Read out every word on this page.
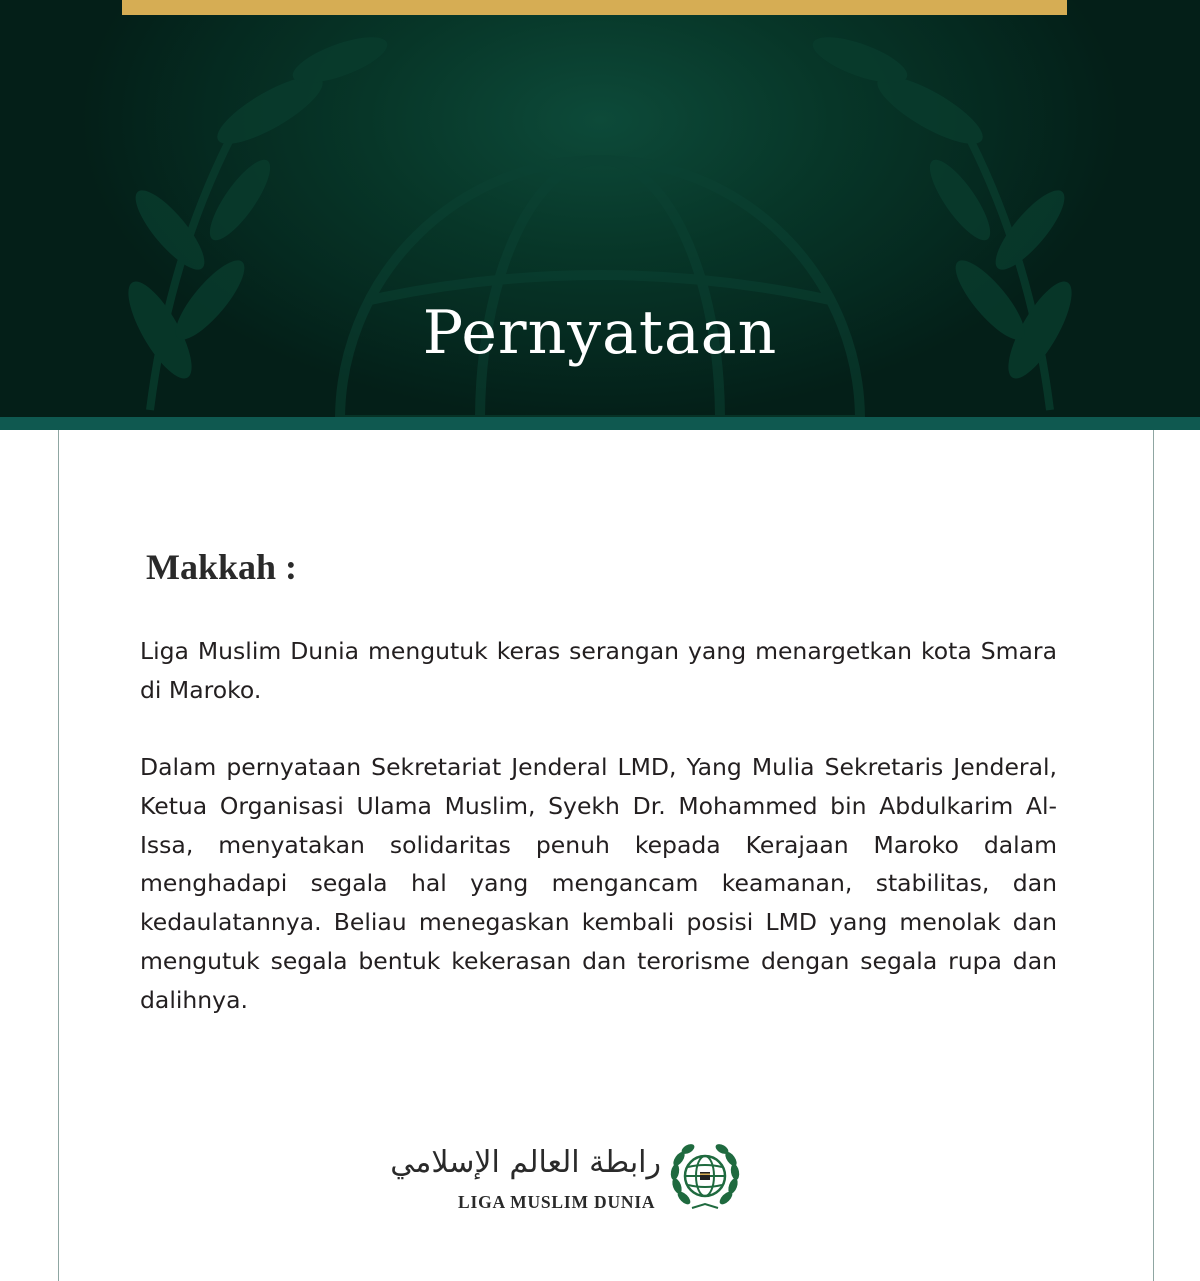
Pernyataan
Makkah :

Liga Muslim Dunia mengutuk keras serangan yang menargetkan kota Smara di Maroko.

Dalam pernyataan Sekretariat Jenderal LMD, Yang Mulia Sekretaris Jenderal, Ketua Organisasi Ulama Muslim, Syekh Dr. Mohammed bin Abdulkarim Al-Issa, menyatakan solidaritas penuh kepada Kerajaan Maroko dalam menghadapi segala hal yang mengancam keamanan, stabilitas, dan kedaulatannya. Beliau menegaskan kembali posisi LMD yang menolak dan mengutuk segala bentuk kekerasan dan terorisme dengan segala rupa dan dalihnya.

رابطة العالم الإسلامي
LIGA MUSLIM DUNIA
